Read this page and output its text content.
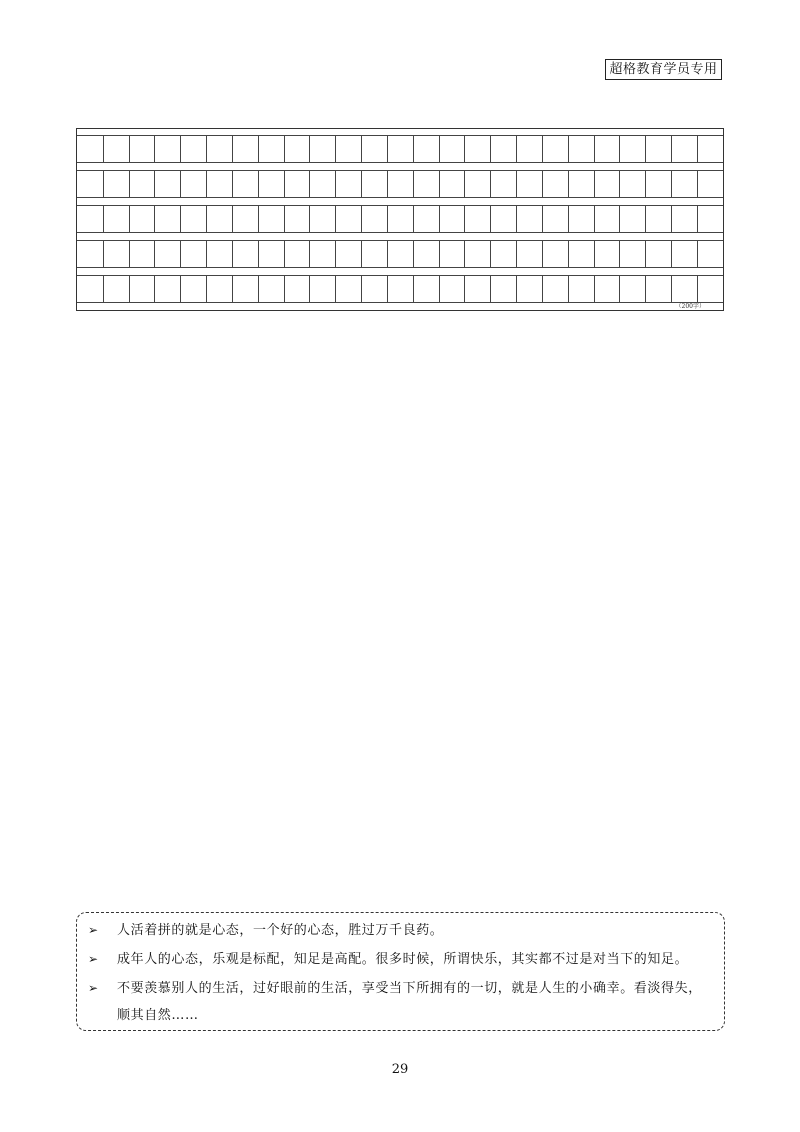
超格教育学员专用
（200字）
➢ 人活着拼的就是心态，一个好的心态，胜过万千良药。
➢ 成年人的心态，乐观是标配，知足是高配。很多时候，所谓快乐，其实都不过是对当下的知足。
➢ 不要羡慕别人的生活，过好眼前的生活，享受当下所拥有的一切，就是人生的小确幸。看淡得失，顺其自然……
29
